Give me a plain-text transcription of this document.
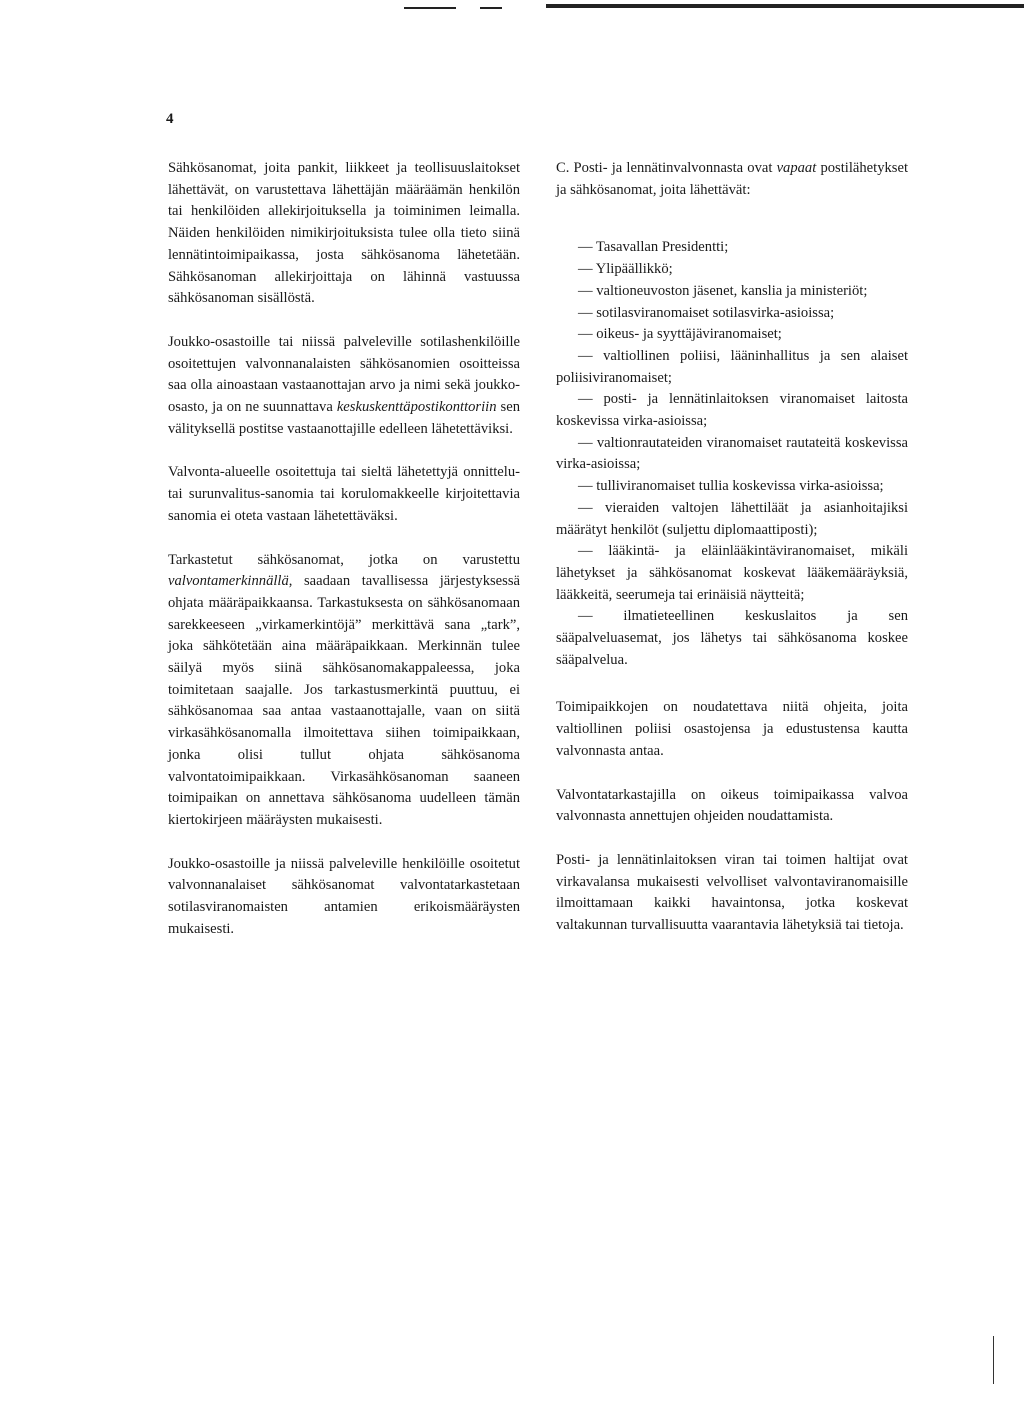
4

Sähkösanomat, joita pankit, liikkeet ja teollisuuslaitokset lähettävät, on varustettava lähettäjän määräämän henkilön tai henkilöiden allekirjoituksella ja toiminimen leimalla. Näiden henkilöiden nimikirjoituksista tulee olla tieto siinä lennätintoimipaikassa, josta sähkösanoma lähetetään. Sähkösanoman allekirjoittaja on lähinnä vastuussa sähkösanoman sisällöstä.

Joukko-osastoille tai niissä palveleville sotilashenkilöille osoitettujen valvonnanalaisten sähkösanomien osoitteissa saa olla ainoastaan vastaanottajan arvo ja nimi sekä joukko-osasto, ja on ne suunnattava keskuskenttäpostikonttoriin sen välityksellä postitse vastaanottajille edelleen lähetettäviksi.

Valvonta-alueelle osoitettuja tai sieltä lähetettyjä onnittelu- tai surunvalitus-sanomia tai korulomakkeelle kirjoitettavia sanomia ei oteta vastaan lähetettäväksi.

Tarkastetut sähkösanomat, jotka on varustettu valvontamerkinnällä, saadaan tavallisessa järjestyksessä ohjata määräpaikkaansa. Tarkastuksesta on sähkösanomaan sarekkeeseen „virkamerkintöjä” merkittävä sana „tark”, joka sähkötetään aina määräpaikkaan. Merkinnän tulee säilyä myös siinä sähkösanomakappaleessa, joka toimitetaan saajalle. Jos tarkastusmerkintä puuttuu, ei sähkösanomaa saa antaa vastaanottajalle, vaan on siitä virkasähkösanomalla ilmoitettava siihen toimipaikkaan, jonka olisi tullut ohjata sähkösanoma valvontatoimipaikkaan. Virkasähkösanoman saaneen toimipaikan on annettava sähkösanoma uudelleen tämän kiertokirjeen määräysten mukaisesti.

Joukko-osastoille ja niissä palveleville henkilöille osoitetut valvonnanalaiset sähkösanomat valvontatarkastetaan sotilasviranomaisten antamien erikoismääräysten mukaisesti.

C. Posti- ja lennätinvalvonnasta ovat vapaat postilähetykset ja sähkösanomat, joita lähettävät:

— Tasavallan Presidentti;

— Ylipäällikkö;

— valtioneuvoston jäsenet, kanslia ja ministeriöt;

— sotilasviranomaiset sotilasvirka-asioissa;

— oikeus- ja syyttäjäviranomaiset;

— valtiollinen poliisi, lääninhallitus ja sen alaiset poliisiviranomaiset;

— posti- ja lennätinlaitoksen viranomaiset laitosta koskevissa virka-asioissa;

— valtionrautateiden viranomaiset rautateitä koskevissa virka-asioissa;

— tulliviranomaiset tullia koskevissa virka-asioissa;

— vieraiden valtojen lähettiläät ja asianhoitajiksi määrätyt henkilöt (suljettu diplomaattiposti);

— lääkintä- ja eläinlääkintäviranomaiset, mikäli lähetykset ja sähkösanomat koskevat lääkemääräyksiä, lääkkeitä, seerumeja tai erinäisiä näytteitä;

— ilmatieteellinen keskuslaitos ja sen sääpalveluasemat, jos lähetys tai sähkösanoma koskee sääpalvelua.

Toimipaikkojen on noudatettava niitä ohjeita, joita valtiollinen poliisi osastojensa ja edustustensa kautta valvonnasta antaa.

Valvontatarkastajilla on oikeus toimipaikassa valvoa valvonnasta annettujen ohjeiden noudattamista.

Posti- ja lennätinlaitoksen viran tai toimen haltijat ovat virkavalansa mukaisesti velvolliset valvontaviranomaisille ilmoittamaan kaikki havaintonsa, jotka koskevat valtakunnan turvallisuutta vaarantavia lähetyksiä tai tietoja.
